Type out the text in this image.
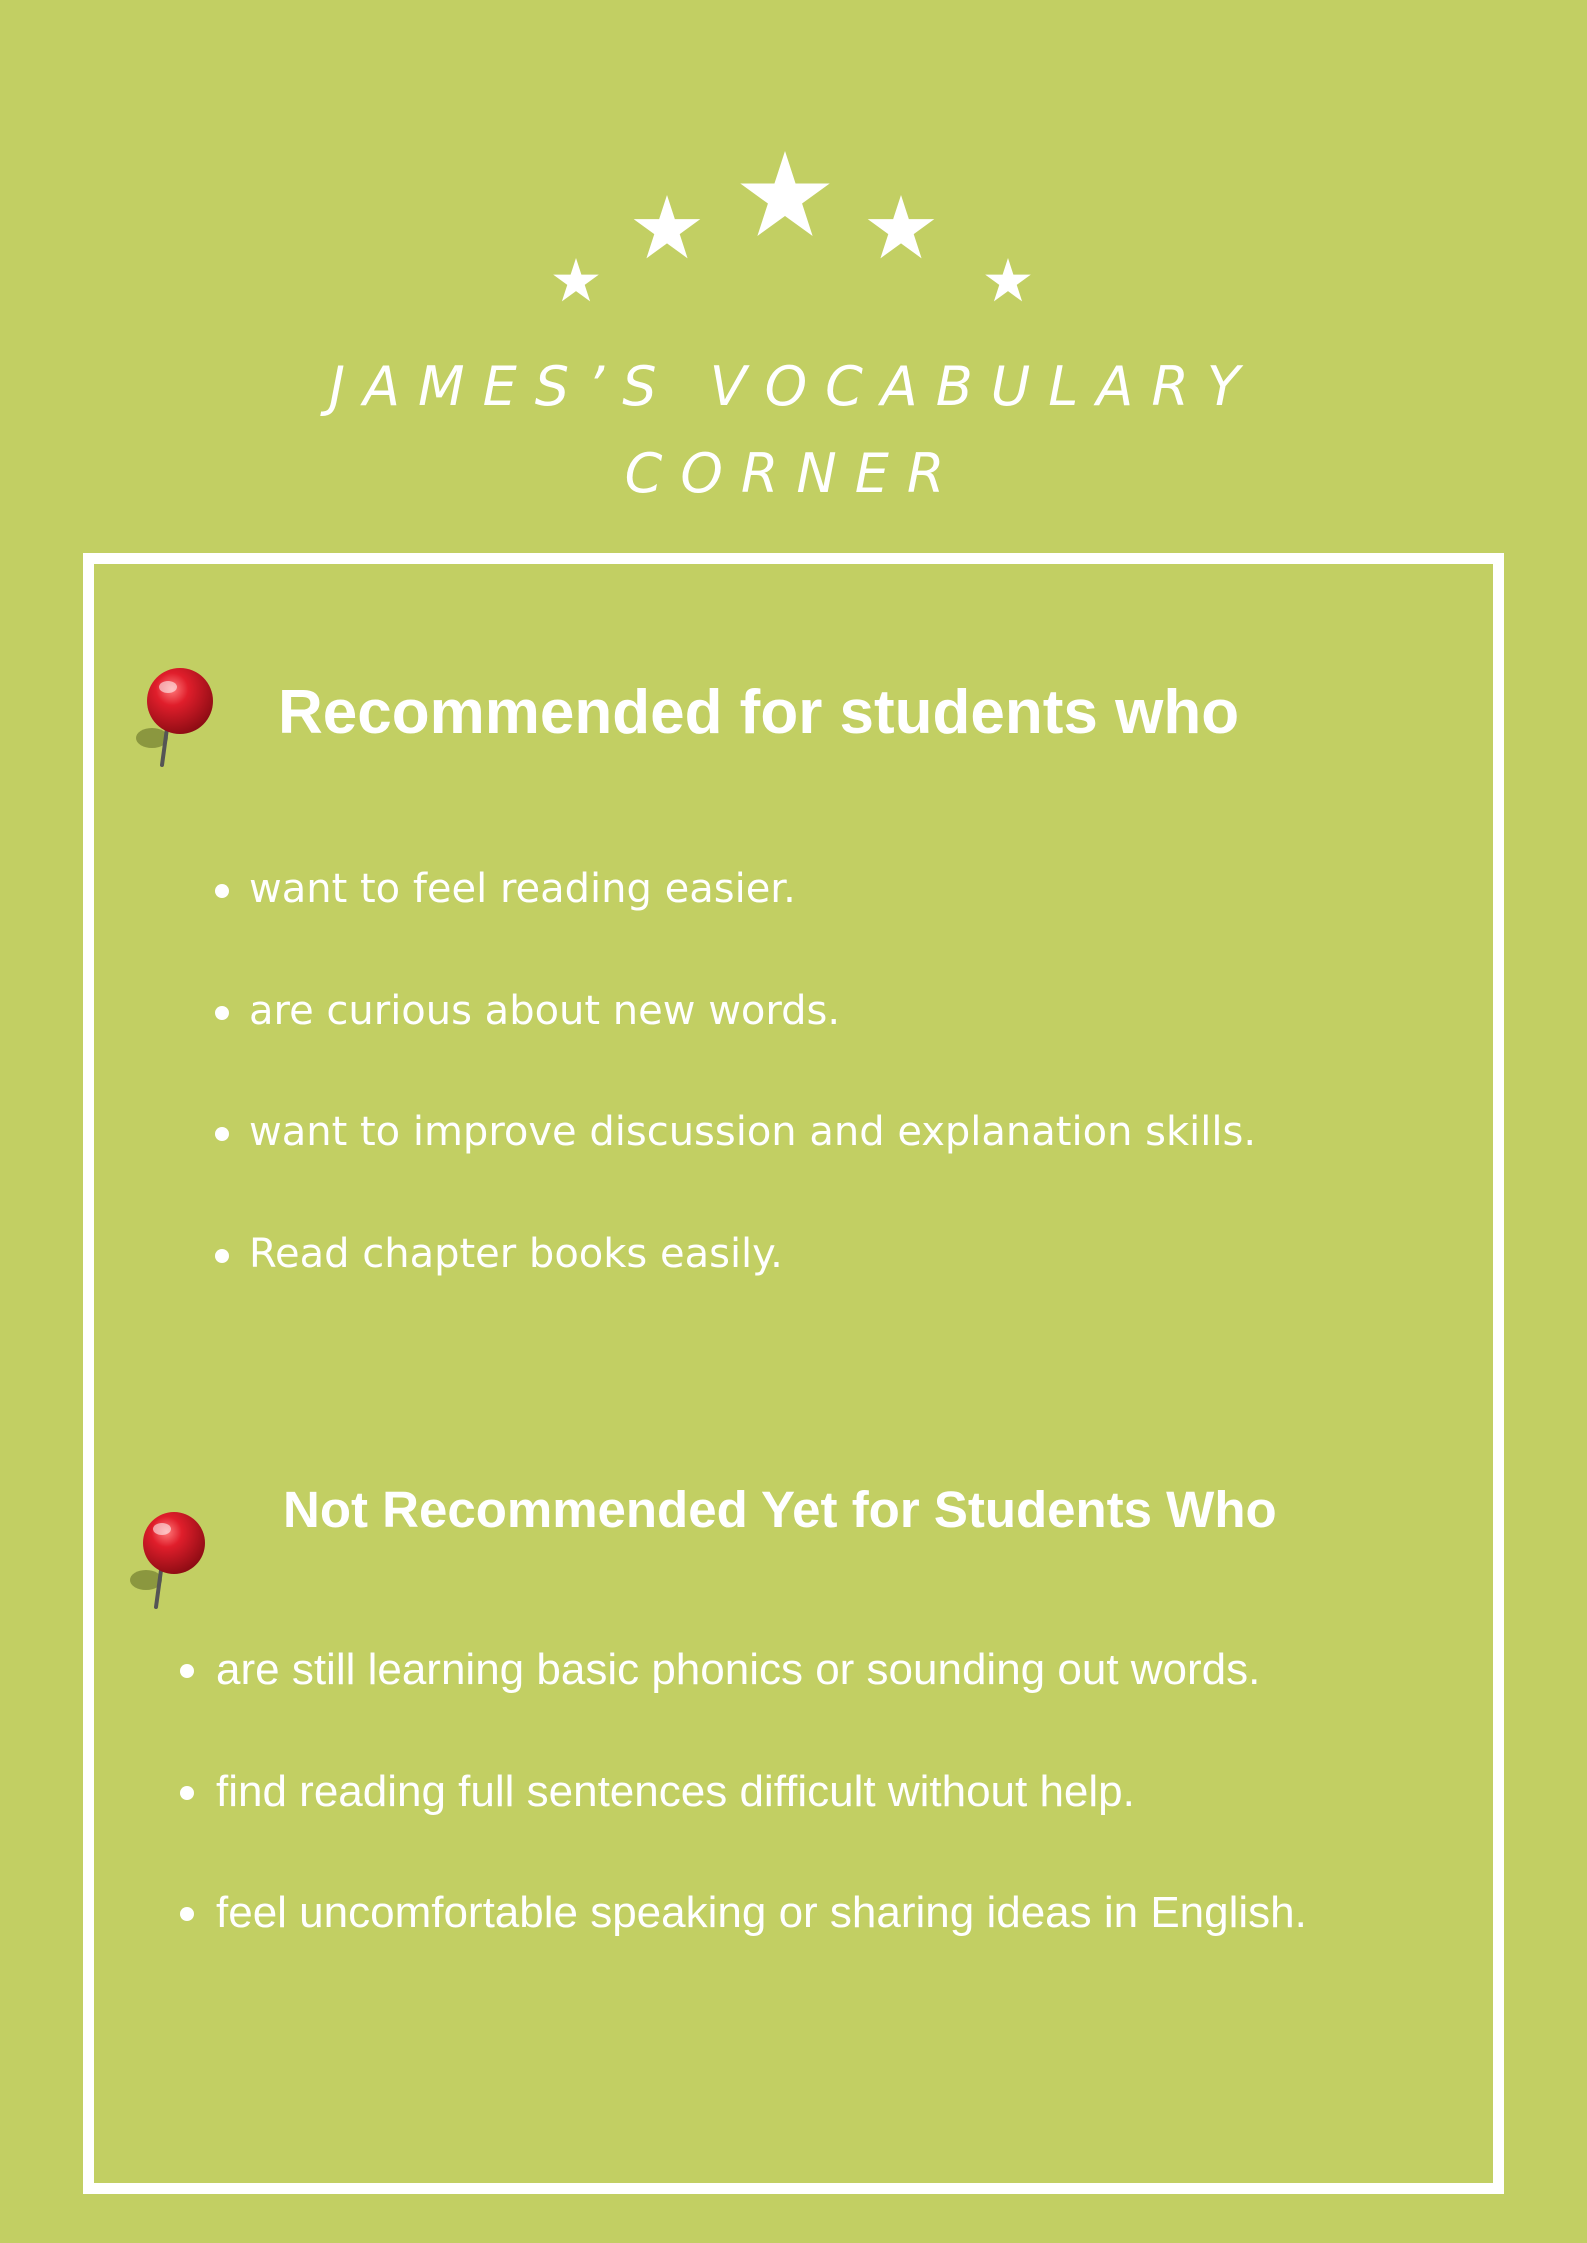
JAMES’S VOCABULARY
CORNER
Recommended for students who
want to feel reading easier.
are curious about new words.
want to improve discussion and explanation skills.
Read chapter books easily.
Not Recommended Yet for Students Who
are still learning basic phonics or sounding out words.
find reading full sentences difficult without help.
feel uncomfortable speaking or sharing ideas in English.
